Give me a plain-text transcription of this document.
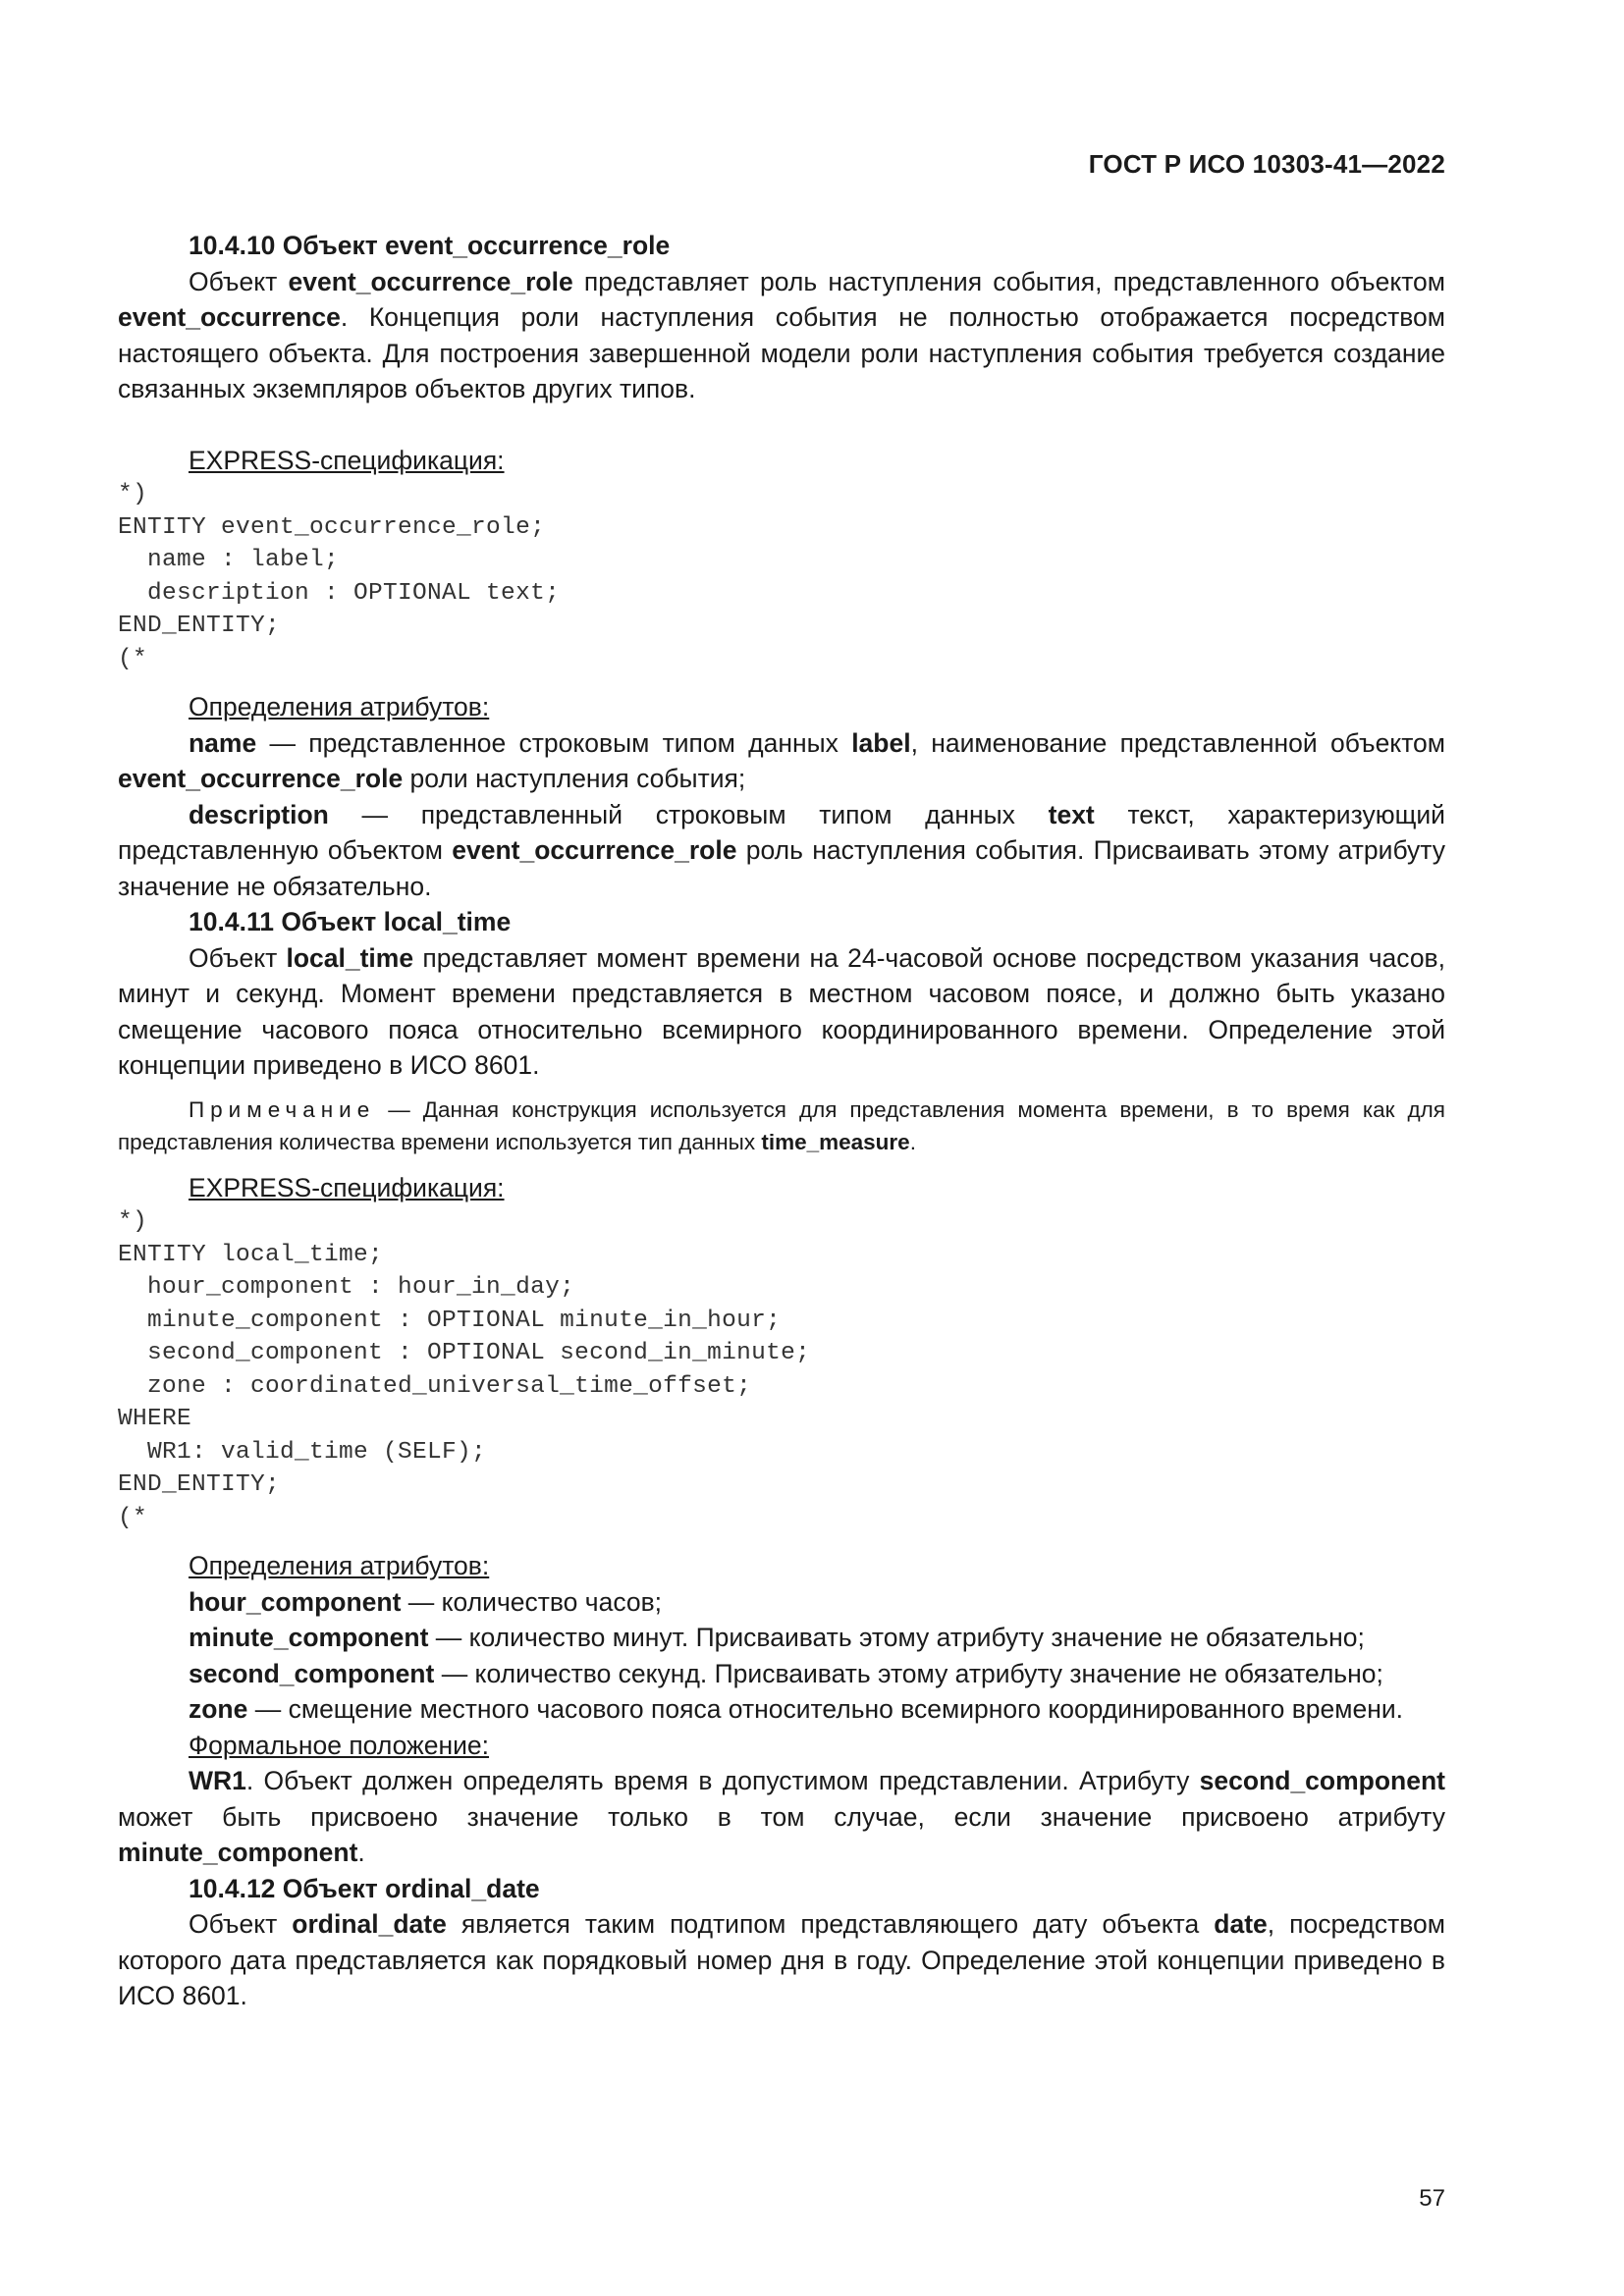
ГОСТ Р ИСО 10303-41—2022

10.4.10 Объект event_occurrence_role

Объект event_occurrence_role представляет роль наступления события, представленного объектом event_occurrence. Концепция роли наступления события не полностью отображается посредством настоящего объекта. Для построения завершенной модели роли наступления события требуется создание связанных экземпляров объектов других типов.

EXPRESS-спецификация:

*)
ENTITY event_occurrence_role;
name : label;
description : OPTIONAL text;
END_ENTITY;
(*

Определения атрибутов:

name — представленное строковым типом данных label, наименование представленной объектом event_occurrence_role роли наступления события;

description — представленный строковым типом данных text текст, характеризующий представленную объектом event_occurrence_role роль наступления события. Присваивать этому атрибуту значение не обязательно.

10.4.11 Объект local_time

Объект local_time представляет момент времени на 24-часовой основе посредством указания часов, минут и секунд. Момент времени представляется в местном часовом поясе, и должно быть указано смещение часового пояса относительно всемирного координированного времени. Определение этой концепции приведено в ИСО 8601.

Примечание — Данная конструкция используется для представления момента времени, в то время как для представления количества времени используется тип данных time_measure.

EXPRESS-спецификация:

*)
ENTITY local_time;
hour_component : hour_in_day;
minute_component : OPTIONAL minute_in_hour;
second_component : OPTIONAL second_in_minute;
zone : coordinated_universal_time_offset;
WHERE
WR1: valid_time (SELF);
END_ENTITY;
(*

Определения атрибутов:

hour_component — количество часов;

minute_component — количество минут. Присваивать этому атрибуту значение не обязательно;

second_component — количество секунд. Присваивать этому атрибуту значение не обязательно;

zone — смещение местного часового пояса относительно всемирного координированного времени.

Формальное положение:

WR1. Объект должен определять время в допустимом представлении. Атрибуту second_component может быть присвоено значение только в том случае, если значение присвоено атрибуту minute_component.

10.4.12 Объект ordinal_date

Объект ordinal_date является таким подтипом представляющего дату объекта date, посредством которого дата представляется как порядковый номер дня в году. Определение этой концепции приведено в ИСО 8601.

57
